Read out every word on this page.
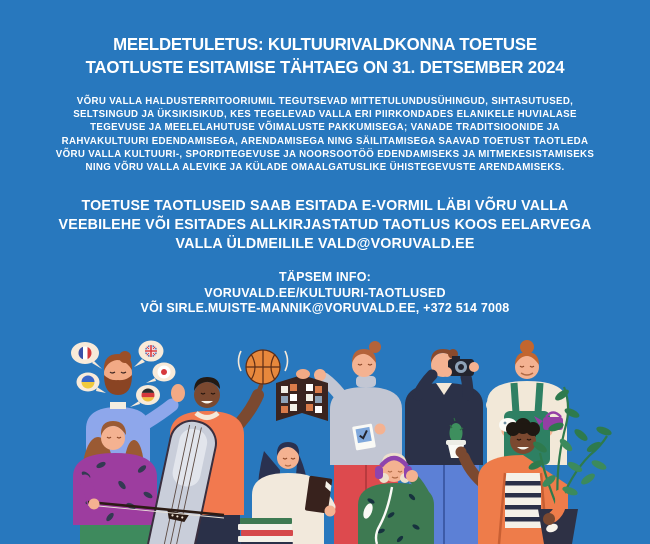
MEELDETULETUS: KULTUURIVALDKONNA TOETUSE
TAOTLUSTE ESITAMISE TÄHTAEG ON 31. DETSEMBER 2024
VÕRU VALLA HALDUSTERRITOORIUMIL TEGUTSEVAD MITTETULUNDUSÜHINGUD, SIHTASUTUSED,
SELTSINGUD JA ÜKSIKISIKUD, KES TEGELEVAD VALLA ERI PIIRKONDADES ELANIKELE HUVIALASE
TEGEVUSE JA MEELELAHUTUSE VÕIMALUSTE PAKKUMISEGA; VANADE TRADITSIOONIDE JA
RAHVAKULTUURI EDENDAMISEGA, ARENDAMISEGA NING SÄILITAMISEGA SAAVAD TOETUST TAOTLEDA
VÕRU VALLA KULTUURI-, SPORDITEGEVUSE JA NOORSOOTÖÖ EDENDAMISEKS JA MITMEKESISTAMISEKS
NING VÕRU VALLA ALEVIKE JA KÜLADE OMAALGATUSLIKE ÜHISTEGEVUSTE ARENDAMISEKS.
TOETUSE TAOTLUSEID SAAB ESITADA E-VORMIL LÄBI VÕRU VALLA
VEEBILEHE VÕI ESITADES ALLKIRJASTATUD TAOTLUS KOOS EELARVEGA
VALLA ÜLDMEILILE VALD@VORUVALD.EE
TÄPSEM INFO:
VORUVALD.EE/KULTUURI-TAOTLUSED
VÕI SIRLE.MUISTE-MANNIK@VORUVALD.EE, +372 514 7008
